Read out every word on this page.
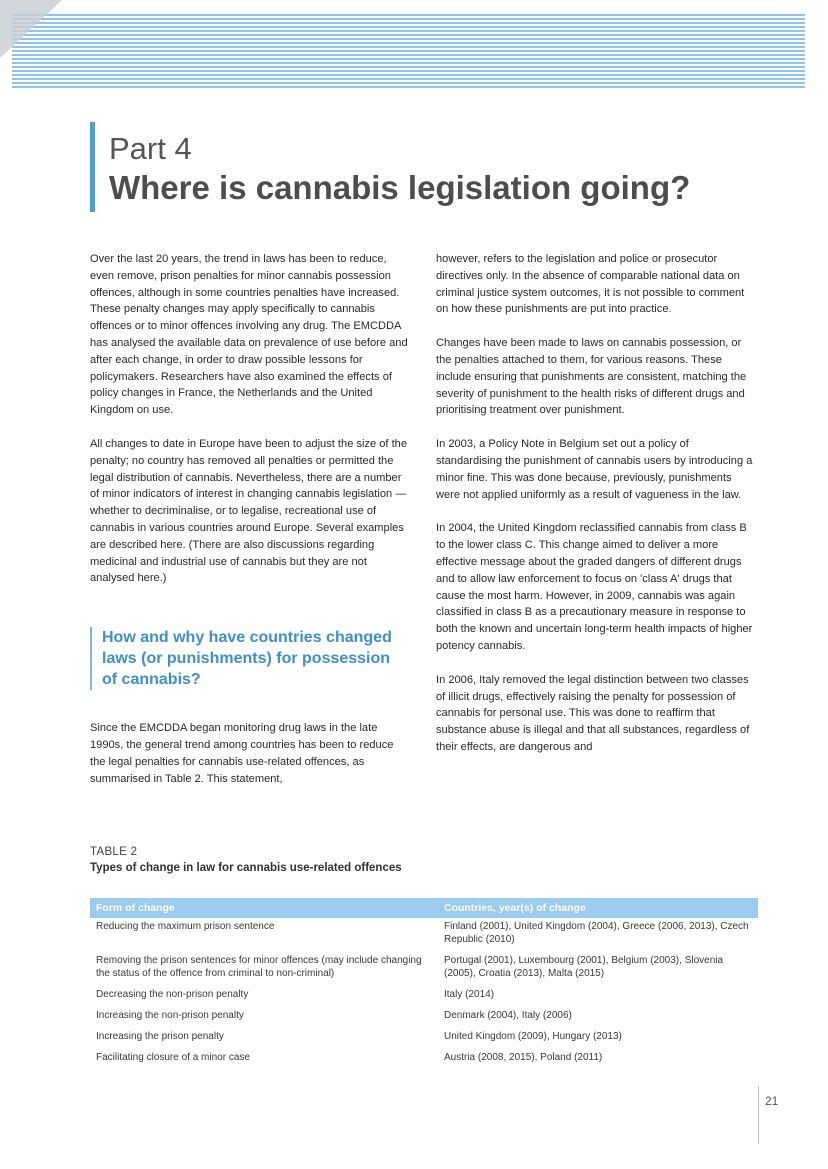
Part 4
Where is cannabis legislation going?

Over the last 20 years, the trend in laws has been to reduce, even remove, prison penalties for minor cannabis possession offences, although in some countries penalties have increased. These penalty changes may apply specifically to cannabis offences or to minor offences involving any drug. The EMCDDA has analysed the available data on prevalence of use before and after each change, in order to draw possible lessons for policymakers. Researchers have also examined the effects of policy changes in France, the Netherlands and the United Kingdom on use.

All changes to date in Europe have been to adjust the size of the penalty; no country has removed all penalties or permitted the legal distribution of cannabis. Nevertheless, there are a number of minor indicators of interest in changing cannabis legislation — whether to decriminalise, or to legalise, recreational use of cannabis in various countries around Europe. Several examples are described here. (There are also discussions regarding medicinal and industrial use of cannabis but they are not analysed here.)

How and why have countries changed laws (or punishments) for possession of cannabis?

Since the EMCDDA began monitoring drug laws in the late 1990s, the general trend among countries has been to reduce the legal penalties for cannabis use-related offences, as summarised in Table 2. This statement,

however, refers to the legislation and police or prosecutor directives only. In the absence of comparable national data on criminal justice system outcomes, it is not possible to comment on how these punishments are put into practice.

Changes have been made to laws on cannabis possession, or the penalties attached to them, for various reasons. These include ensuring that punishments are consistent, matching the severity of punishment to the health risks of different drugs and prioritising treatment over punishment.

In 2003, a Policy Note in Belgium set out a policy of standardising the punishment of cannabis users by introducing a minor fine. This was done because, previously, punishments were not applied uniformly as a result of vagueness in the law.

In 2004, the United Kingdom reclassified cannabis from class B to the lower class C. This change aimed to deliver a more effective message about the graded dangers of different drugs and to allow law enforcement to focus on 'class A' drugs that cause the most harm. However, in 2009, cannabis was again classified in class B as a precautionary measure in response to both the known and uncertain long-term health impacts of higher potency cannabis.

In 2006, Italy removed the legal distinction between two classes of illicit drugs, effectively raising the penalty for possession of cannabis for personal use. This was done to reaffirm that substance abuse is illegal and that all substances, regardless of their effects, are dangerous and

TABLE 2
Types of change in law for cannabis use-related offences
Form of change	Countries, year(s) of change
Reducing the maximum prison sentence	Finland (2001), United Kingdom (2004), Greece (2006, 2013), Czech Republic (2010)
Removing the prison sentences for minor offences (may include changing the status of the offence from criminal to non-criminal)	Portugal (2001), Luxembourg (2001), Belgium (2003), Slovenia (2005), Croatia (2013), Malta (2015)
Decreasing the non-prison penalty	Italy (2014)
Increasing the non-prison penalty	Denmark (2004), Italy (2006)
Increasing the prison penalty	United Kingdom (2009), Hungary (2013)
Facilitating closure of a minor case	Austria (2008, 2015), Poland (2011)
21
